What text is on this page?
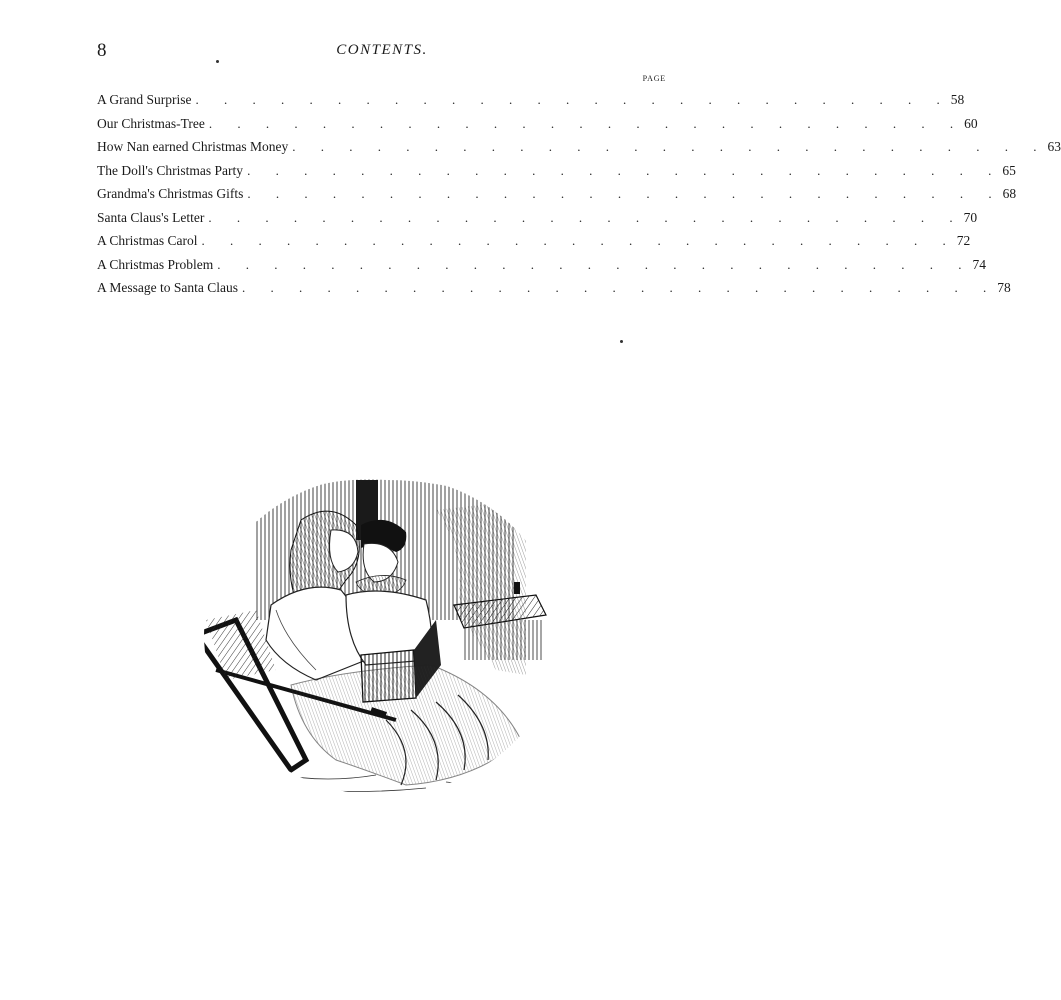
8	CONTENTS.
PAGE
A Grand Surprise . . . . . . . . . . . . . . . . . . . . . . . . . . . 58
Our Christmas-Tree . . . . . . . . . . . . . . . . . . . . . . . . . . . 60
How Nan earned Christmas Money . . . . . . . . . . . . . . . . . . . . . . . . . . . 63
The Doll's Christmas Party . . . . . . . . . . . . . . . . . . . . . . . . . . . 65
Grandma's Christmas Gifts . . . . . . . . . . . . . . . . . . . . . . . . . . . 68
Santa Claus's Letter . . . . . . . . . . . . . . . . . . . . . . . . . . . 70
A Christmas Carol . . . . . . . . . . . . . . . . . . . . . . . . . . . 72
A Christmas Problem . . . . . . . . . . . . . . . . . . . . . . . . . . . 74
A Message to Santa Claus . . . . . . . . . . . . . . . . . . . . . . . . . . . 78
